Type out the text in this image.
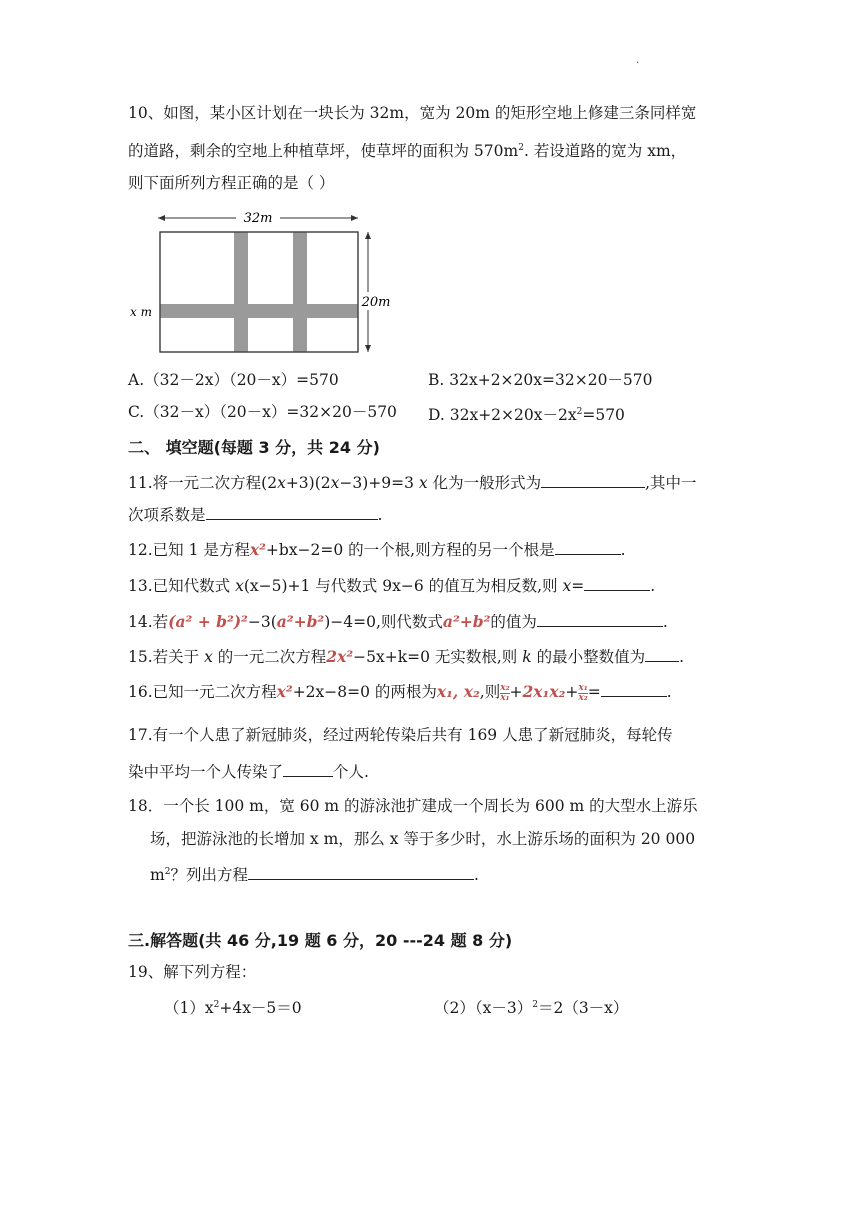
·
10、如图，某小区计划在一块长为 32m，宽为 20m 的矩形空地上修建三条同样宽
的道路，剩余的空地上种植草坪，使草坪的面积为 $570m^2$. 若设道路的宽为 xm，
则下面所列方程正确的是（ ）
32m
20m
x m
A.（32－2x）（20－x）=570	B. 32x+2×20x=32×20－570
C.（32－x）（20－x）=32×20－570 D. $32x+2\times 20x-2x^2=570$
二、 填空题(每题 3 分，共 24 分)
11.将一元二次方程(2x+3)(2x−3)+9=3 x 化为一般形式为	,其中一
次项系数是	.
12.已知 1 是方程x²+bx−2=0 的一个根,则方程的另一个根是	.
13.已知代数式 x(x−5)+1 与代数式 9x−6 的值互为相反数,则 x=	.
14.若(a² + b²)²−3(a²+b²)−4=0,则代数式a²+b²的值为	.
15.若关于 x 的一元二次方程2x²−5x+k=0 无实数根,则 k 的最小整数值为 .
16.已知一元二次方程x²+2x−8=0 的两根为x₁, x₂,则 $\frac{\text{x₂}}{\text{x₁}} +2x_1x_2+ \frac{\text{x₁}}{\text{x₂}}$ =	.
17.有一个人患了新冠肺炎，经过两轮传染后共有 169 人患了新冠肺炎，每轮传
染中平均一个人传染了	个人.
18．一个长 100 m，宽 60 m 的游泳池扩建成一个周长为 600 m 的大型水上游乐
场，把游泳池的长增加 x m，那么 x 等于多少时，水上游乐场的面积为 20 000
$m^2$？列出方程	.
三.解答题(共 46 分,19 题 6 分，20 ---24 题 8 分)
19、解下列方程：
$(1)x^2+4x-5=0$	$(2)(x-3)^2=2(3-x)$
